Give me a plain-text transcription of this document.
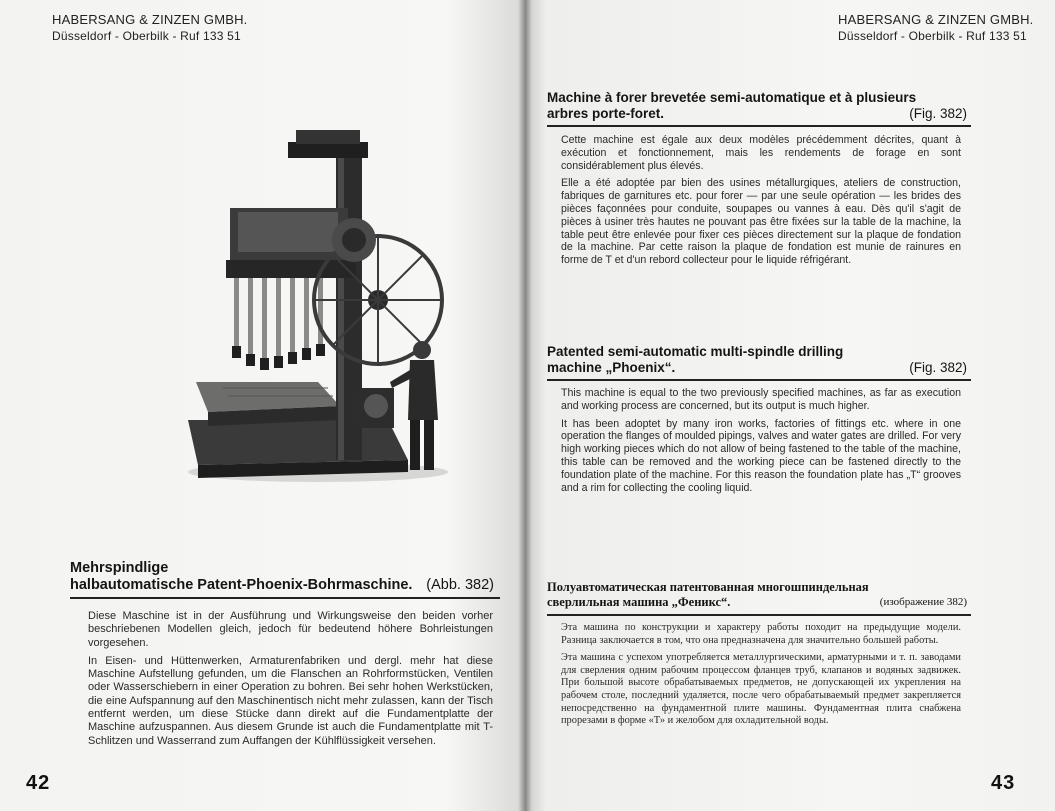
HABERSANG & ZINZEN GMBH.
Düsseldorf - Oberbilk - Ruf 133 51
Mehrspindlige
halbautomatische Patent-Phoenix-Bohrmaschine. (Abb. 382)

Diese Maschine ist in der Ausführung und Wirkungsweise den beiden vorher beschriebenen Modellen gleich, jedoch für bedeutend höhere Bohrleistungen vorgesehen.

In Eisen- und Hüttenwerken, Armaturenfabriken und dergl. mehr hat diese Maschine Aufstellung gefunden, um die Flanschen an Rohrformstücken, Ventilen oder Wasserschiebern in einer Operation zu bohren. Bei sehr hohen Werkstücken, die eine Aufspannung auf den Maschinentisch nicht mehr zulassen, kann der Tisch entfernt werden, um diese Stücke dann direkt auf die Fundamentplatte der Maschine aufzuspannen. Aus diesem Grunde ist auch die Fundamentplatte mit T-Schlitzen und Wasserrand zum Auffangen der Kühlflüssigkeit versehen.

42
HABERSANG & ZINZEN GMBH.
Düsseldorf - Oberbilk - Ruf 133 51
Machine à forer brevetée semi-automatique et à plusieurs
arbres porte-foret.	(Fig. 382)

Cette machine est égale aux deux modèles précédemment décrites, quant à exécution et fonctionnement, mais les rendements de forage en sont considérablement plus élevés.

Elle a été adoptée par bien des usines métallurgiques, ateliers de construction, fabriques de garnitures etc. pour forer — par une seule opération — les brides des pièces façonnées pour conduite, soupapes ou vannes à eau. Dès qu'il s'agit de pièces à usiner très hautes ne pouvant pas être fixées sur la table de la machine, la table peut être enlevée pour fixer ces pièces directement sur la plaque de fondation de la machine. Par cette raison la plaque de fondation est munie de rainures en forme de T et d'un rebord collecteur pour le liquide réfrigérant.

Patented semi-automatic multi-spindle drilling
machine „Phoenix“.	(Fig. 382)

This machine is equal to the two previously specified machines, as far as execution and working process are concerned, but its output is much higher.

It has been adoptet by many iron works, factories of fittings etc. where in one operation the flanges of moulded pipings, valves and water gates are drilled. For very high working pieces which do not allow of being fastened to the table of the machine, this table can be removed and the working piece can be fastened directly to the foundation plate of the machine. For this reason the foundation plate has „T“ grooves and a rim for collecting the cooling liquid.

Полуавтоматическая патентованная многошпиндельная
сверлильная машина „Феникс“.	(изображение 382)

Эта машина по конструкции и характеру работы походит на предыдущие модели. Разница заключается в том, что она предназначена для значительно большей работы.

Эта машина с успехом употребляется металлургическими, арматурными и т. п. заводами для сверления одним рабочим процессом фланцев труб, клапанов и водяных задвижек. При большой высоте обрабатываемых предметов, не допускающей их укрепления на рабочем столе, последний удаляется, после чего обрабатываемый предмет закрепляется непосредственно на фундаментной плите машины. Фундаментная плита снабжена прорезами в форме «Т» и желобом для охладительной воды.

43
